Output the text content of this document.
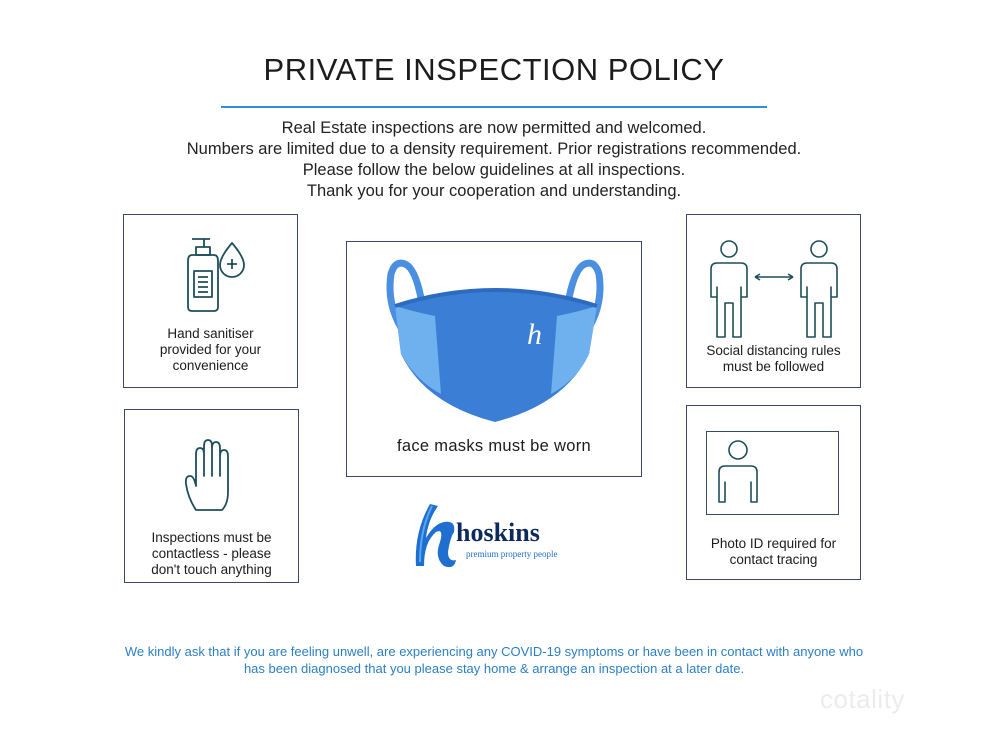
PRIVATE INSPECTION POLICY
Real Estate inspections are now permitted and welcomed.
Numbers are limited due to a density requirement. Prior registrations recommended.
Please follow the below guidelines at all inspections.
Thank you for your cooperation and understanding.
Hand sanitiser
provided for your
convenience
Inspections must be
contactless - please
don't touch anything
h
face masks must be worn
Social distancing rules
must be followed
Photo ID required for
contact tracing
hoskins
premium property people
We kindly ask that if you are feeling unwell, are experiencing any COVID-19 symptoms or have been in contact with anyone who
has been diagnosed that you please stay home & arrange an inspection at a later date.
cotality
